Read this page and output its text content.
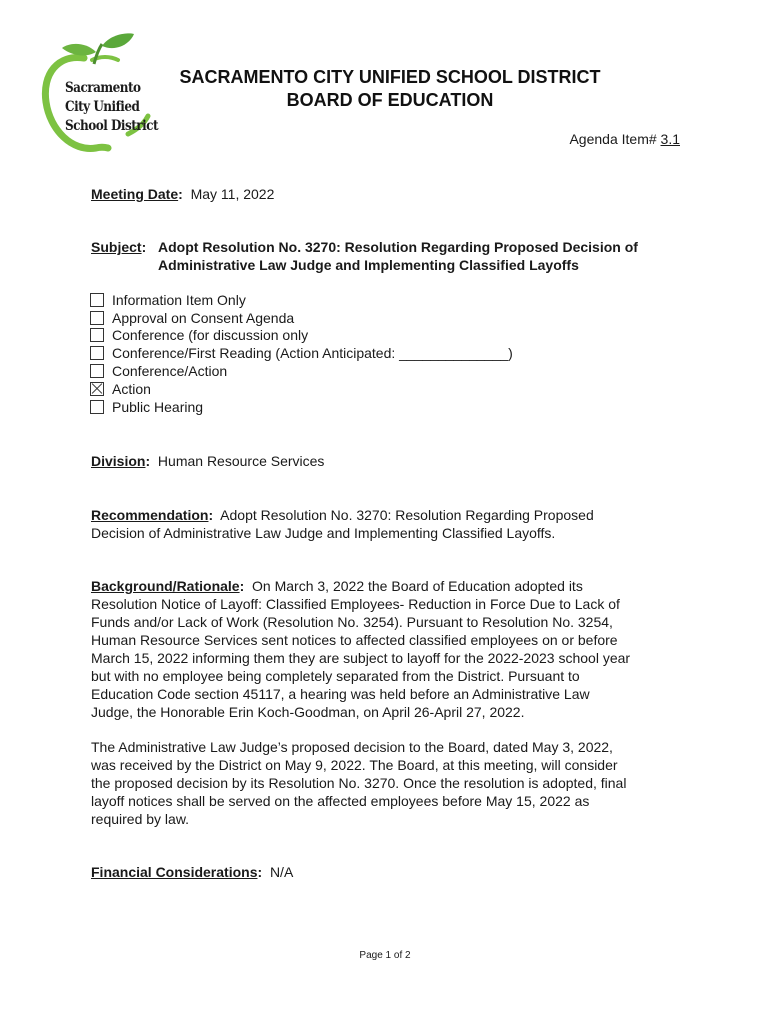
Sacramento
City Unified
School District
SACRAMENTO CITY UNIFIED SCHOOL DISTRICT
BOARD OF EDUCATION
Agenda Item# 3.1
Meeting Date: May 11, 2022
Subject: Adopt Resolution No. 3270: Resolution Regarding Proposed Decision of
Administrative Law Judge and Implementing Classified Layoffs
Information Item Only
Approval on Consent Agenda
Conference (for discussion only
Conference/First Reading (Action Anticipated: ______________)
Conference/Action
Action
Public Hearing
Division: Human Resource Services
Recommendation: Adopt Resolution No. 3270: Resolution Regarding Proposed
Decision of Administrative Law Judge and Implementing Classified Layoffs.
Background/Rationale: On March 3, 2022 the Board of Education adopted its
Resolution Notice of Layoff: Classified Employees- Reduction in Force Due to Lack of
Funds and/or Lack of Work (Resolution No. 3254). Pursuant to Resolution No. 3254,
Human Resource Services sent notices to affected classified employees on or before
March 15, 2022 informing them they are subject to layoff for the 2022-2023 school year
but with no employee being completely separated from the District. Pursuant to
Education Code section 45117, a hearing was held before an Administrative Law
Judge, the Honorable Erin Koch-Goodman, on April 26-April 27, 2022.
The Administrative Law Judge’s proposed decision to the Board, dated May 3, 2022,
was received by the District on May 9, 2022. The Board, at this meeting, will consider
the proposed decision by its Resolution No. 3270. Once the resolution is adopted, final
layoff notices shall be served on the affected employees before May 15, 2022 as
required by law.
Financial Considerations: N/A
Page 1 of 2
